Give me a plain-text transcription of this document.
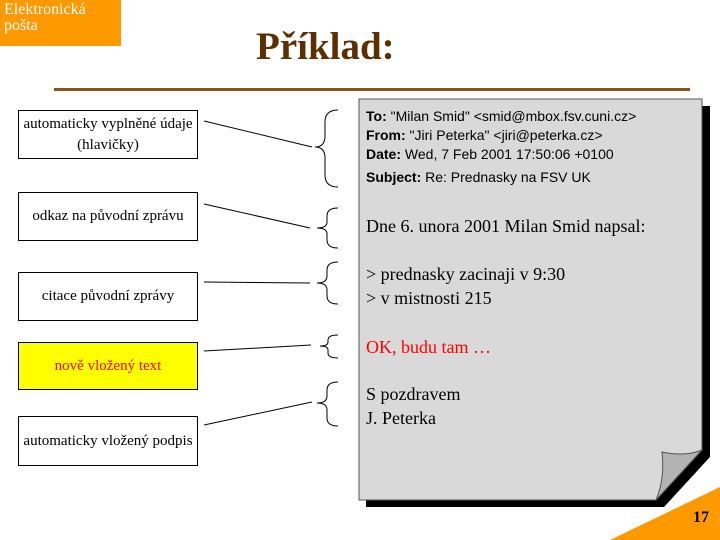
Elektronická
pošta	Příklad:
17
automaticky vyplněné údaje (hlavičky)
odkaz na původní zprávu
citace původní zprávy
nově vložený text
automaticky vložený podpis
To: "Milan Smid" <smid@mbox.fsv.cuni.cz>
From: "Jiri Peterka" <jiri@peterka.cz>
Date: Wed, 7 Feb 2001 17:50:06 +0100
Subject: Re: Prednasky na FSV UK
Dne 6. unora 2001 Milan Smid napsal:
> prednasky zacinaji v 9:30
> v mistnosti 215
OK, budu tam …
S pozdravem
J. Peterka
